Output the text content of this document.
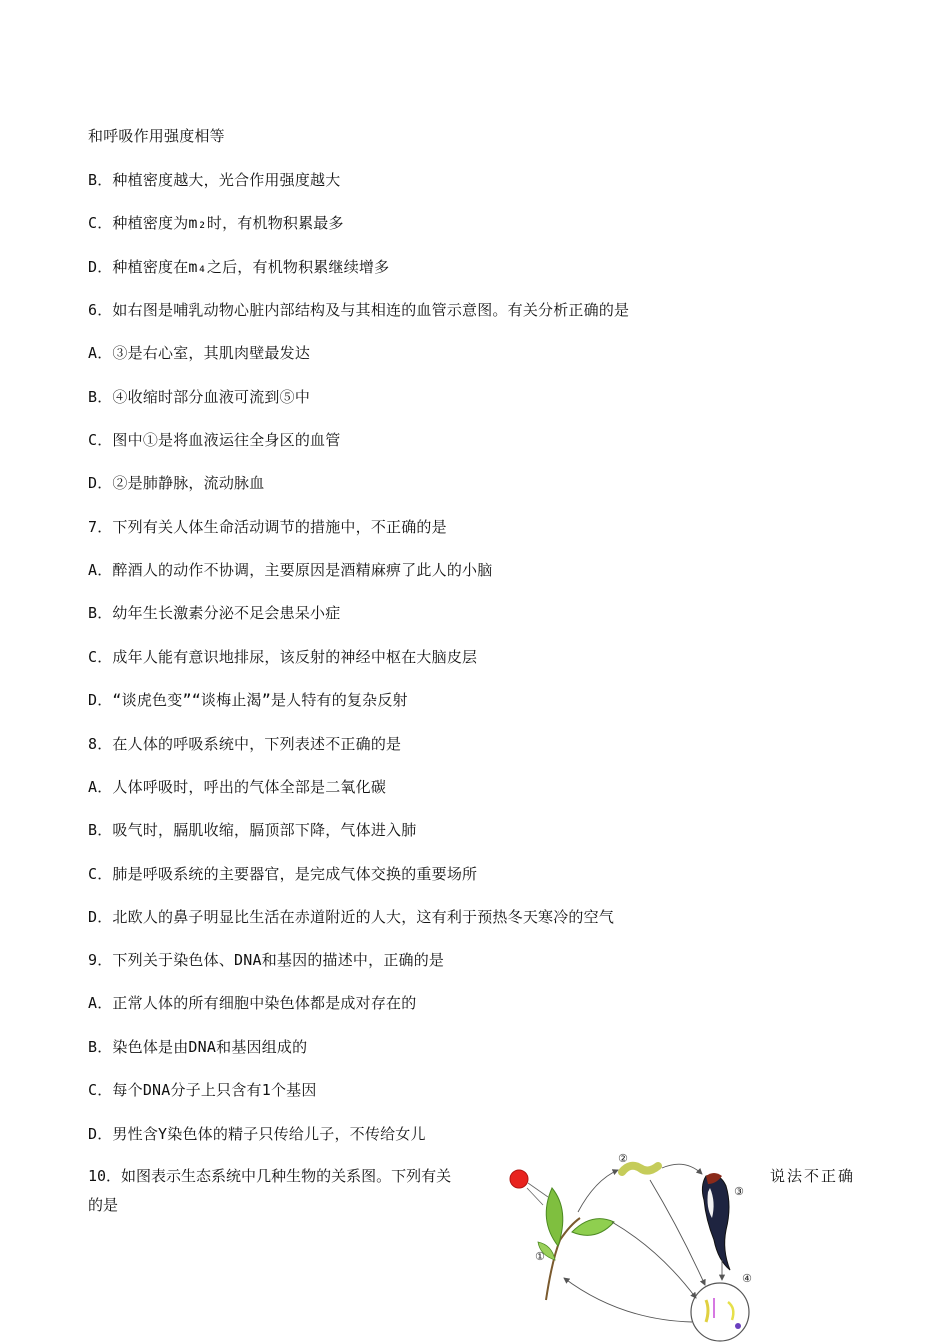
和呼吸作用强度相等
B．种植密度越大，光合作用强度越大
C．种植密度为m₂时，有机物积累最多
D．种植密度在m₄之后，有机物积累继续增多
6．如右图是哺乳动物心脏内部结构及与其相连的血管示意图。有关分析正确的是
A．③是右心室，其肌肉壁最发达
B．④收缩时部分血液可流到⑤中
C．图中①是将血液运往全身区的血管
D．②是肺静脉，流动脉血
7．下列有关人体生命活动调节的措施中，不正确的是
A．醉酒人的动作不协调，主要原因是酒精麻痹了此人的小脑
B．幼年生长激素分泌不足会患呆小症
C．成年人能有意识地排尿，该反射的神经中枢在大脑皮层
D．“谈虎色变”“谈梅止渴”是人特有的复杂反射
8．在人体的呼吸系统中，下列表述不正确的是
A．人体呼吸时，呼出的气体全部是二氧化碳
B．吸气时，膈肌收缩，膈顶部下降，气体进入肺
C．肺是呼吸系统的主要器官，是完成气体交换的重要场所
D．北欧人的鼻子明显比生活在赤道附近的人大，这有利于预热冬天寒冷的空气
9．下列关于染色体、DNA和基因的描述中，正确的是
A．正常人体的所有细胞中染色体都是成对存在的
B．染色体是由DNA和基因组成的
C．每个DNA分子上只含有1个基因
D．男性含Y染色体的精子只传给儿子，不传给女儿
10．如图表示生态系统中几种生物的关系图。下列有关	说法不正确
的是
①
②
③
④
